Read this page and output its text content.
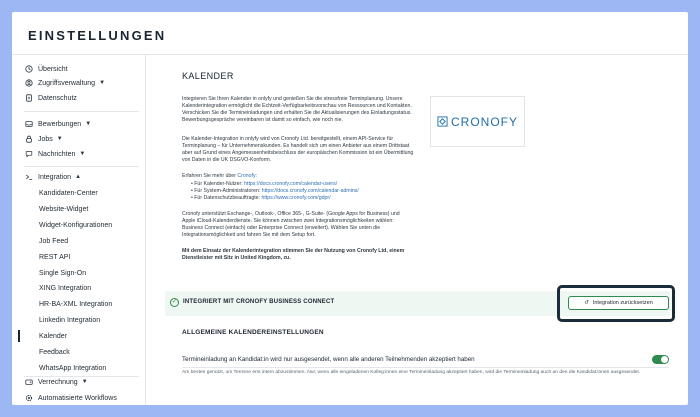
EINSTELLUNGEN
Übersicht
Zugriffsverwaltung ▼
Datenschutz
Bewerbungen ▼
Jobs ▼
Nachrichten ▼
Integration ▲
Kandidaten-Center
Website-Widget
Widget-Konfigurationen
Job Feed
REST API
Single Sign-On
XING Integration
HR-BA-XML Integration
Linkedin Integration
Kalender
Feedback
WhatsApp Integration
Verrechnung ▼
Automatisierte Workflows
KALENDER

Integrieren Sie Ihren Kalender in onlyfy und genießen Sie die stressfreie Terminplanung. Unsere Kalenderintegration ermöglicht die Echtzeit-Verfügbarkeitsvorschau von Ressourcen und Kontakten. Verschicken Sie die Termineinladungen und erhalten Sie die Aktualisierungen des Einladungsstatus. Bewerbungsgespräche vereinbaren ist damit so einfach, wie noch nie.

Die Kalender-Integration in onlyfy wird von Cronofy Ltd. bereitgestellt, einem API-Service für Terminplanung – für Unternehmenskunden. Es handelt sich um einen Anbieter aus einem Drittstaat aber auf Grund eines Angemessenheitsbeschluss der europäischen Kommission ist ein Übermittlung von Daten in die UK DSGVO-Konform.

Erfahren Sie mehr über Cronofy:

• Für Kalender-Nutzer: https://docs.cronofy.com/calendar-users/
• Für System-Administratoren: https://docs.cronofy.com/calendar-admins/
• Für Datenschutzbeauftragte: https://www.cronofy.com/gdpr/

Cronofy unterstützt Exchange-, Outlook-, Office 365-, G-Suite- (Google Apps for Business) und Apple iCloud-Kalenderdienste. Sie können zwischen zwei Integrationsmöglichkeiten wählen: Business Connect (einfach) oder Enterprise Connect (erweitert). Wählen Sie unten die Integrationsmöglichkeit und fahren Sie mit dem Setup fort.

Mit dem Einsatz der Kalenderintegration stimmen Sie der Nutzung von Cronofy Ltd, einem Dienstleister mit Sitz in United Kingdom, zu.

CRONOFY
✓ INTEGRIERT MIT CRONOFY BUSINESS CONNECT	↺ Integration zurücksetzen
ALLGEMEINE KALENDEREINSTELLUNGEN
Termineinladung an Kandidat:in wird nur ausgesendet, wenn alle anderen Teilnehmenden akzeptiert haben

Am besten genutzt, um Termine erst intern abzustimmen. Nur, wenn alle eingeladenen Kolleg:innen eine Termineinladung akzeptiert haben, wird die Termineinladung auch an den die Kandidat:innen ausgesendet.
